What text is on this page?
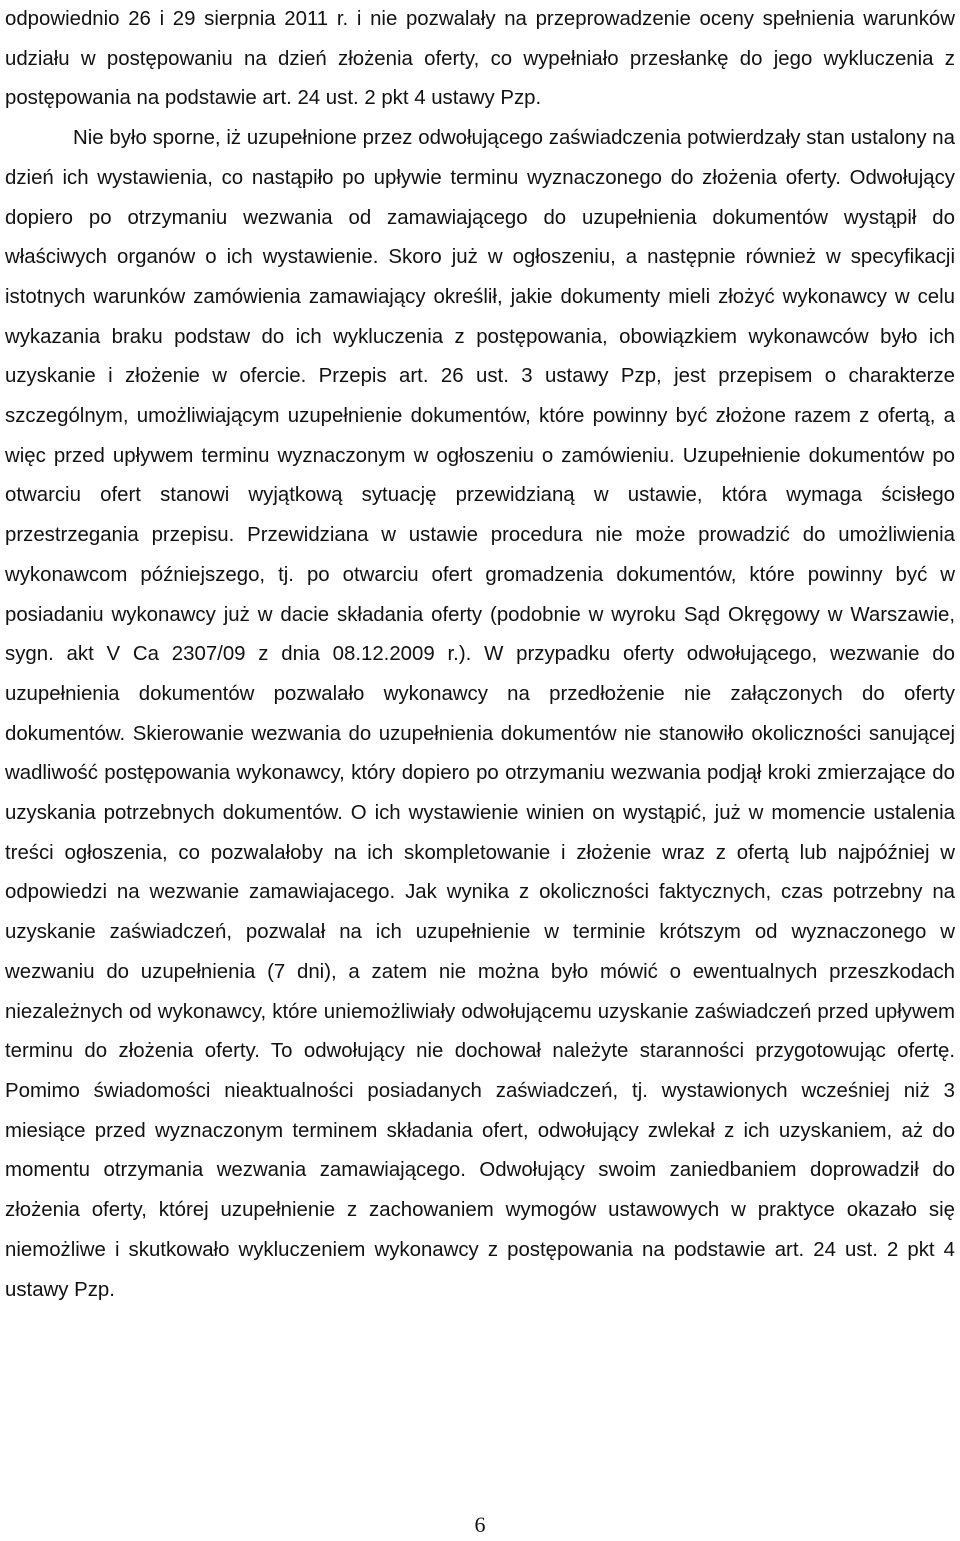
odpowiednio 26 i 29 sierpnia 2011 r. i nie pozwalały na przeprowadzenie oceny spełnienia warunków udziału w postępowaniu na dzień złożenia oferty, co wypełniało przesłankę do jego wykluczenia z postępowania na podstawie art. 24 ust. 2 pkt 4 ustawy Pzp.

Nie było sporne, iż uzupełnione przez odwołującego zaświadczenia potwierdzały stan ustalony na dzień ich wystawienia, co nastąpiło po upływie terminu wyznaczonego do złożenia oferty. Odwołujący dopiero po otrzymaniu wezwania od zamawiającego do uzupełnienia dokumentów wystąpił do właściwych organów o ich wystawienie. Skoro już w ogłoszeniu, a następnie również w specyfikacji istotnych warunków zamówienia zamawiający określił, jakie dokumenty mieli złożyć wykonawcy w celu wykazania braku podstaw do ich wykluczenia z postępowania, obowiązkiem wykonawców było ich uzyskanie i złożenie w ofercie. Przepis art. 26 ust. 3 ustawy Pzp, jest przepisem o charakterze szczególnym, umożliwiającym uzupełnienie dokumentów, które powinny być złożone razem z ofertą, a więc przed upływem terminu wyznaczonym w ogłoszeniu o zamówieniu. Uzupełnienie dokumentów po otwarciu ofert stanowi wyjątkową sytuację przewidzianą w ustawie, która wymaga ścisłego przestrzegania przepisu. Przewidziana w ustawie procedura nie może prowadzić do umożliwienia wykonawcom późniejszego, tj. po otwarciu ofert gromadzenia dokumentów, które powinny być w posiadaniu wykonawcy już w dacie składania oferty (podobnie w wyroku Sąd Okręgowy w Warszawie, sygn. akt V Ca 2307/09 z dnia 08.12.2009 r.). W przypadku oferty odwołującego, wezwanie do uzupełnienia dokumentów pozwalało wykonawcy na przedłożenie nie załączonych do oferty dokumentów. Skierowanie wezwania do uzupełnienia dokumentów nie stanowiło okoliczności sanującej wadliwość postępowania wykonawcy, który dopiero po otrzymaniu wezwania podjął kroki zmierzające do uzyskania potrzebnych dokumentów. O ich wystawienie winien on wystąpić, już w momencie ustalenia treści ogłoszenia, co pozwalałoby na ich skompletowanie i złożenie wraz z ofertą lub najpóźniej w odpowiedzi na wezwanie zamawiajacego. Jak wynika z okoliczności faktycznych, czas potrzebny na uzyskanie zaświadczeń, pozwalał na ich uzupełnienie w terminie krótszym od wyznaczonego w wezwaniu do uzupełnienia (7 dni), a zatem nie można było mówić o ewentualnych przeszkodach niezależnych od wykonawcy, które uniemożliwiały odwołującemu uzyskanie zaświadczeń przed upływem terminu do złożenia oferty. To odwołujący nie dochował należyte staranności przygotowując ofertę. Pomimo świadomości nieaktualności posiadanych zaświadczeń, tj. wystawionych wcześniej niż 3 miesiące przed wyznaczonym terminem składania ofert, odwołujący zwlekał z ich uzyskaniem, aż do momentu otrzymania wezwania zamawiającego. Odwołujący swoim zaniedbaniem doprowadził do złożenia oferty, której uzupełnienie z zachowaniem wymogów ustawowych w praktyce okazało się niemożliwe i skutkowało wykluczeniem wykonawcy z postępowania na podstawie art. 24 ust. 2 pkt 4 ustawy Pzp.

6
